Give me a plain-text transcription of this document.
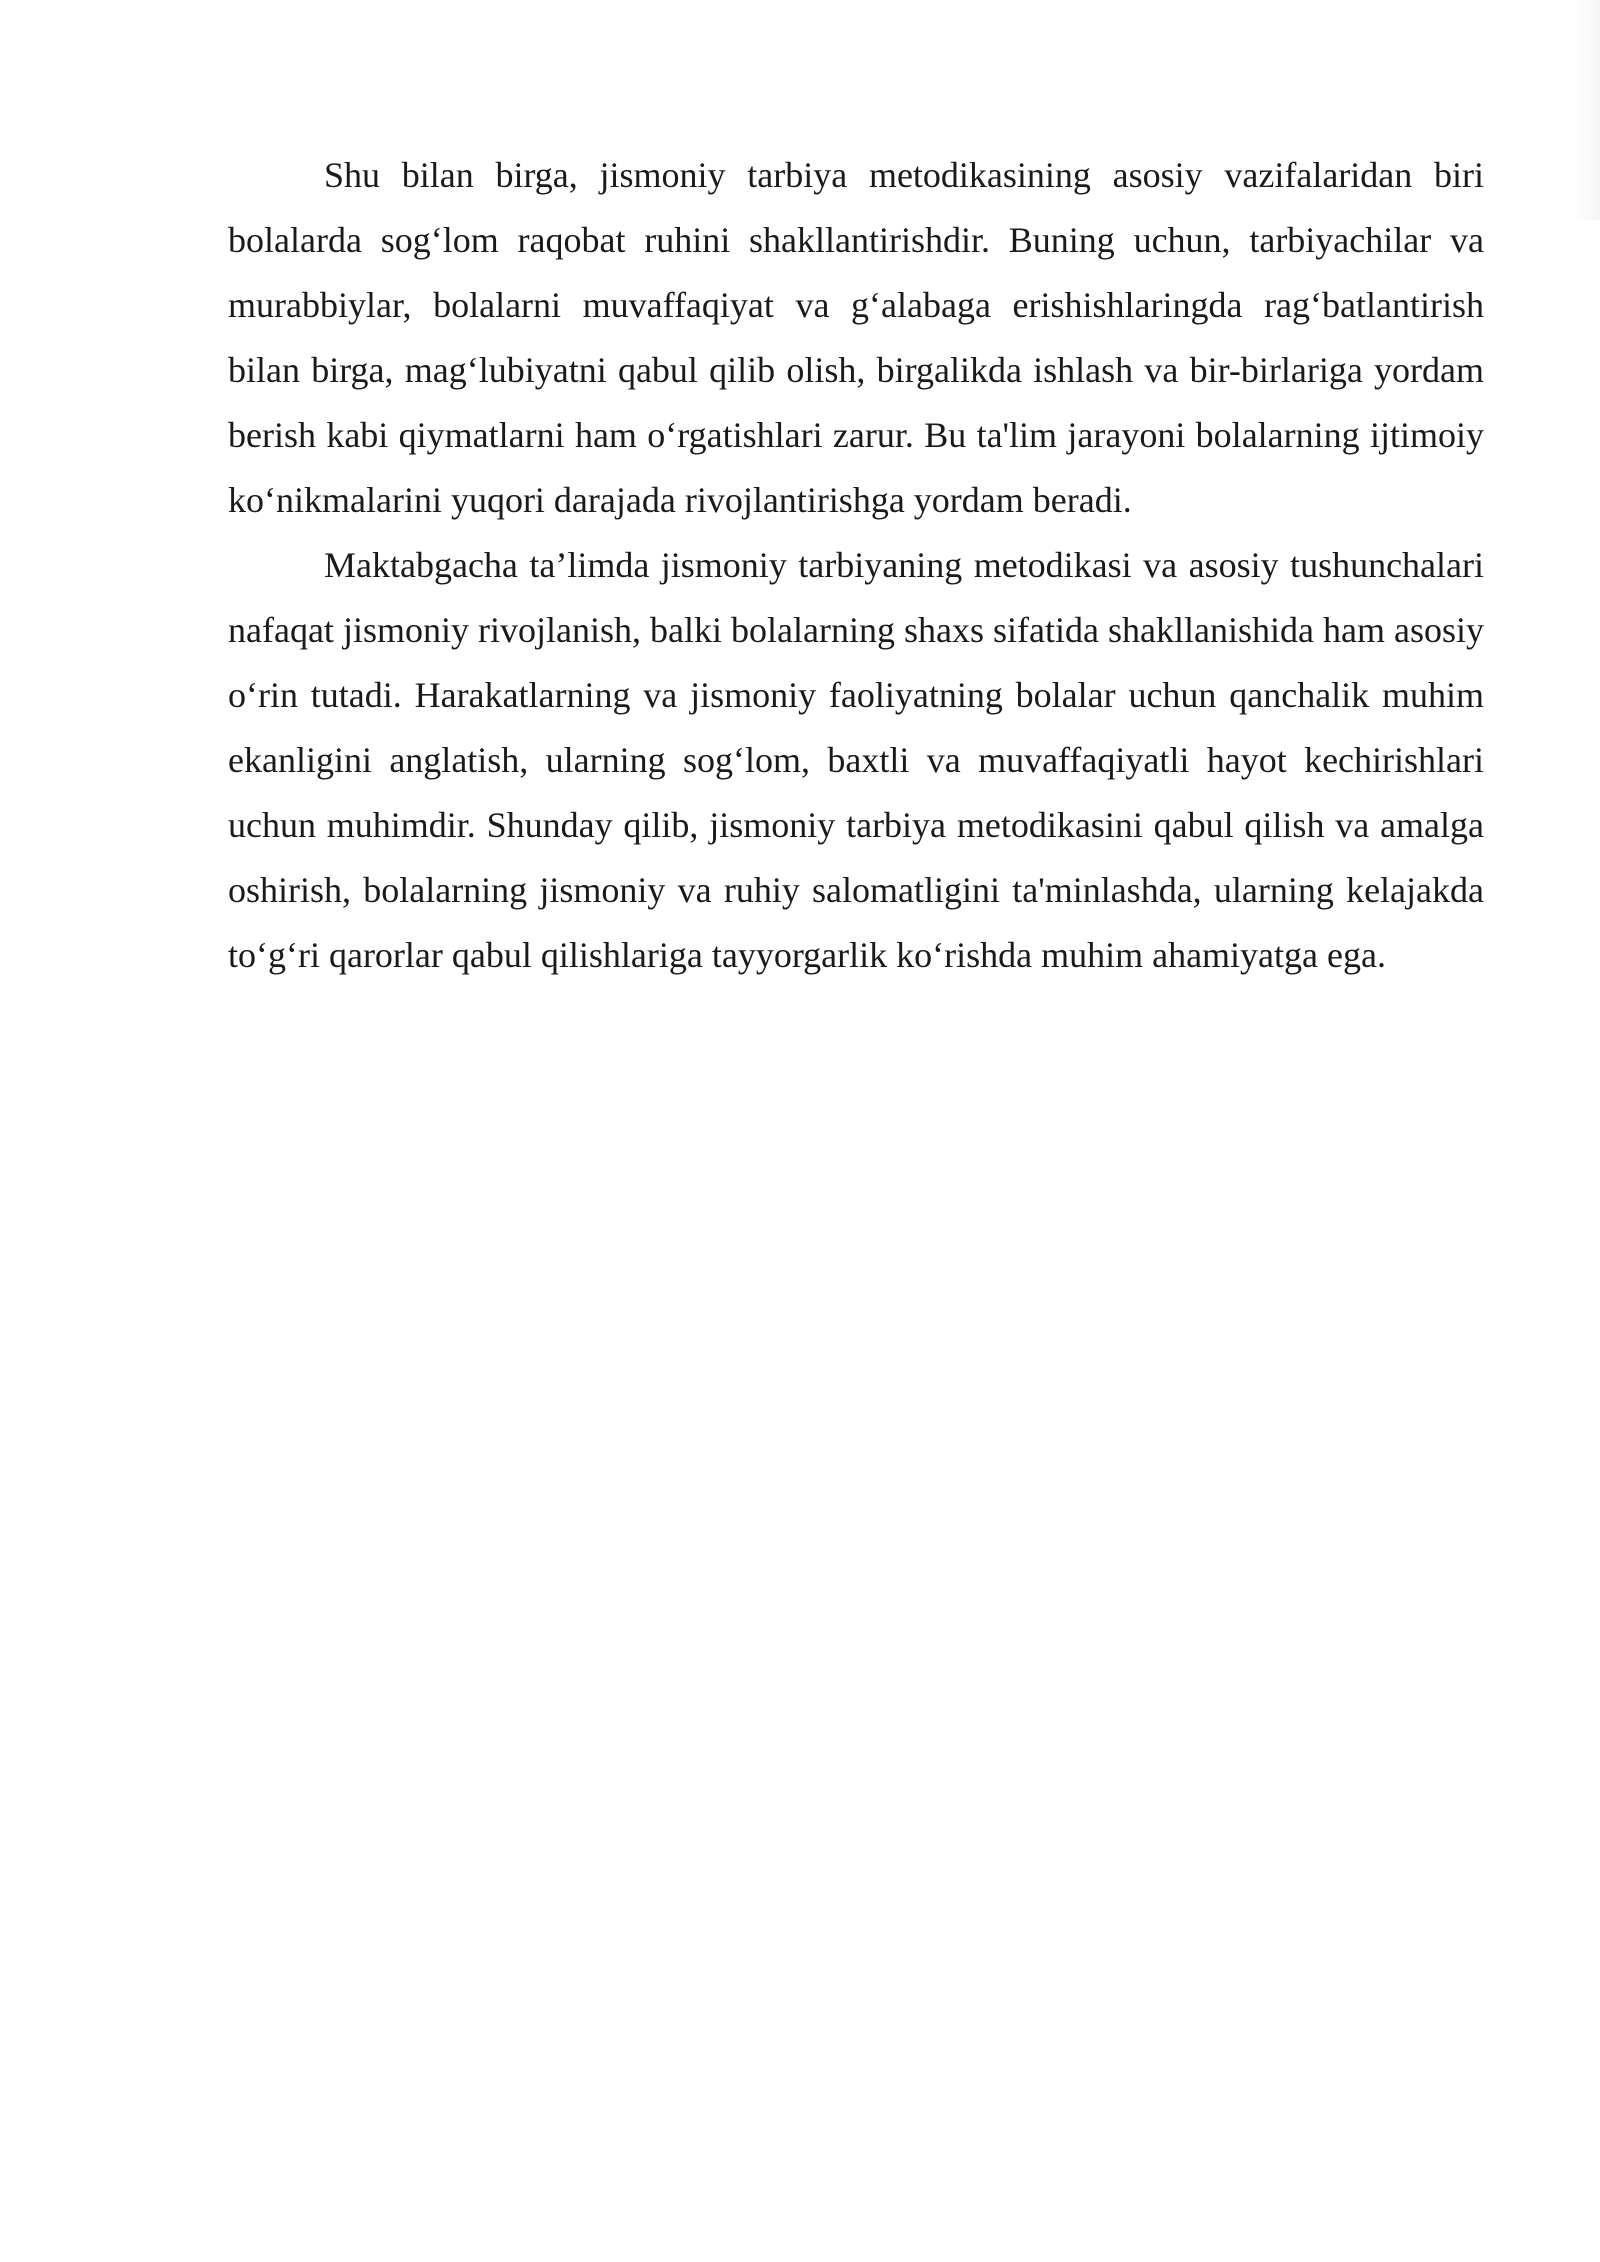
Shu bilan birga, jismoniy tarbiya metodikasining asosiy vazifalaridan biri bolalarda sog‘lom raqobat ruhini shakllantirishdir. Buning uchun, tarbiyachilar va murabbiylar, bolalarni muvaffaqiyat va g‘alabaga erishishlaringda rag‘batlantirish bilan birga, mag‘lubiyatni qabul qilib olish, birgalikda ishlash va bir-birlariga yordam berish kabi qiymatlarni ham o‘rgatishlari zarur. Bu ta'lim jarayoni bolalarning ijtimoiy ko‘nikmalarini yuqori darajada rivojlantirishga yordam beradi.

Maktabgacha ta’limda jismoniy tarbiyaning metodikasi va asosiy tushunchalari nafaqat jismoniy rivojlanish, balki bolalarning shaxs sifatida shakllanishida ham asosiy o‘rin tutadi. Harakatlarning va jismoniy faoliyatning bolalar uchun qanchalik muhim ekanligini anglatish, ularning sog‘lom, baxtli va muvaffaqiyatli hayot kechirishlari uchun muhimdir. Shunday qilib, jismoniy tarbiya metodikasini qabul qilish va amalga oshirish, bolalarning jismoniy va ruhiy salomatligini ta'minlashda, ularning kelajakda to‘g‘ri qarorlar qabul qilishlariga tayyorgarlik ko‘rishda muhim ahamiyatga ega.
